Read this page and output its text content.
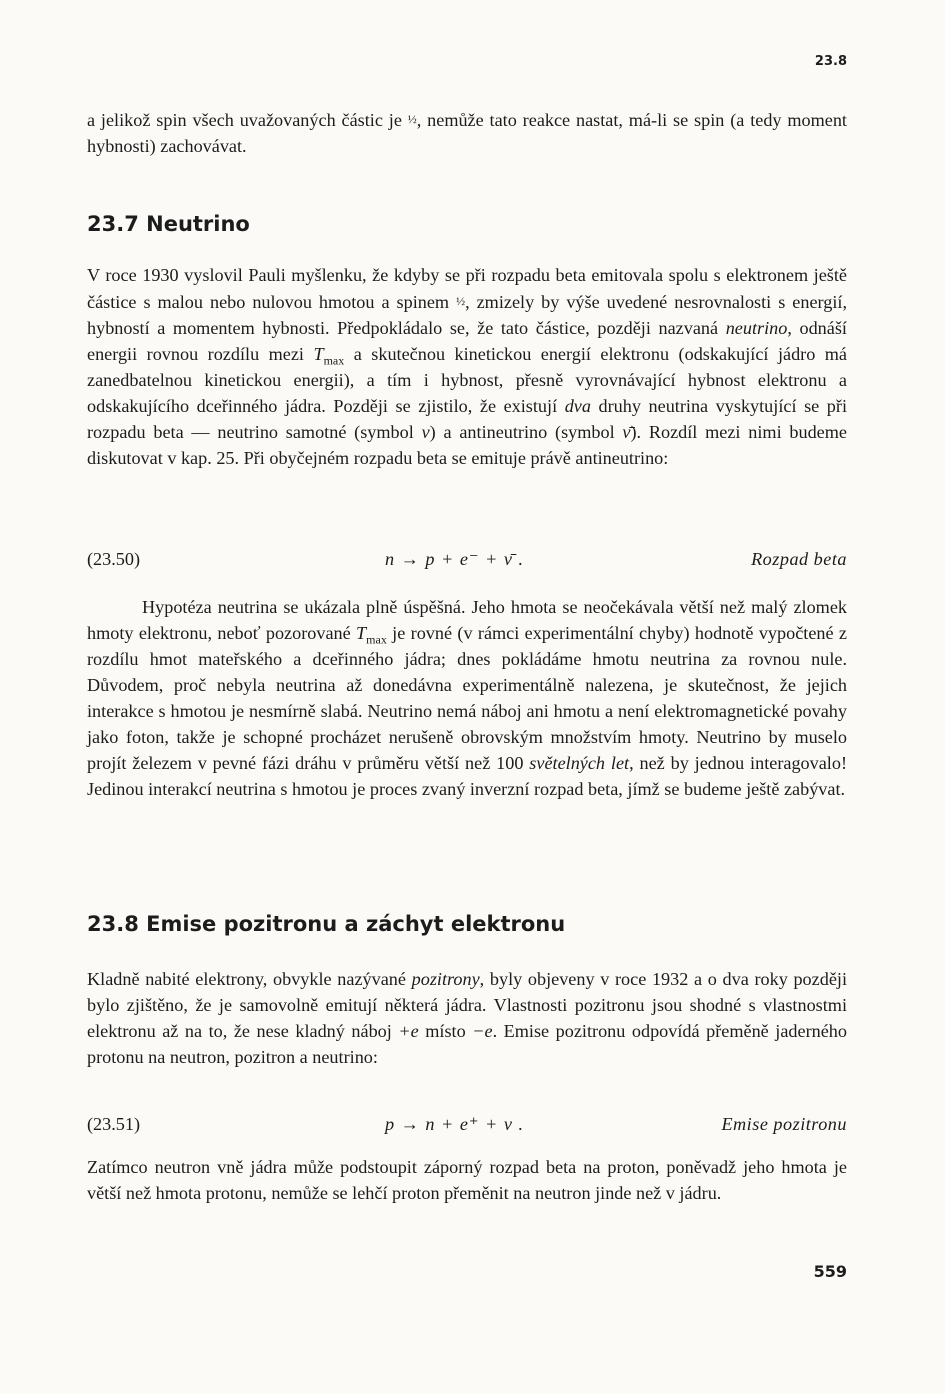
23.8

a jelikož spin všech uvažovaných částic je ½, nemůže tato reakce nastat, má-li se spin (a tedy moment hybnosti) zachovávat.

23.7 Neutrino

V roce 1930 vyslovil Pauli myšlenku, že kdyby se při rozpadu beta emitovala spolu s elektronem ještě částice s malou nebo nulovou hmotou a spinem ½, zmizely by výše uvedené nesrovnalosti s energií, hybností a momentem hybnosti. Předpokládalo se, že tato částice, později nazvaná neutrino, odnáší energii rovnou rozdílu mezi $T_{max}$ a skutečnou kinetickou energií elektronu (odskakující jádro má zanedbatelnou kinetickou energii), a tím i hybnost, přesně vyrovnávající hybnost elektronu a odskakujícího dceřinného jádra. Později se zjistilo, že existují dva druhy neutrina vyskytující se při rozpadu beta — neutrino samotné (symbol ν) a antineutrino (symbol ν̄). Rozdíl mezi nimi budeme diskutovat v kap. 25. Při obyčejném rozpadu beta se emituje právě antineutrino:

(23.50)	n → p + e⁻ + ν̄ .	Rozpad beta

Hypotéza neutrina se ukázala plně úspěšná. Jeho hmota se neočekávala větší než malý zlomek hmoty elektronu, neboť pozorované $T_{max}$ je rovné (v rámci experimentální chyby) hodnotě vypočtené z rozdílu hmot mateřského a dceřinného jádra; dnes pokládáme hmotu neutrina za rovnou nule. Důvodem, proč nebyla neutrina až donedávna experimentálně nalezena, je skutečnost, že jejich interakce s hmotou je nesmírně slabá. Neutrino nemá náboj ani hmotu a není elektromagnetické povahy jako foton, takže je schopné procházet nerušeně obrovským množstvím hmoty. Neutrino by muselo projít železem v pevné fázi dráhu v průměru větší než 100 světelných let, než by jednou interagovalo! Jedinou interakcí neutrina s hmotou je proces zvaný inverzní rozpad beta, jímž se budeme ještě zabývat.

23.8 Emise pozitronu a záchyt elektronu

Kladně nabité elektrony, obvykle nazývané pozitrony, byly objeveny v roce 1932 a o dva roky později bylo zjištěno, že je samovolně emitují některá jádra. Vlastnosti pozitronu jsou shodné s vlastnostmi elektronu až na to, že nese kladný náboj +e místo −e. Emise pozitronu odpovídá přeměně jaderného protonu na neutron, pozitron a neutrino:

(23.51)	p → n + e⁺ + ν .	Emise pozitronu

Zatímco neutron vně jádra může podstoupit záporný rozpad beta na proton, poněvadž jeho hmota je větší než hmota protonu, nemůže se lehčí proton přeměnit na neutron jinde než v jádru.

559
